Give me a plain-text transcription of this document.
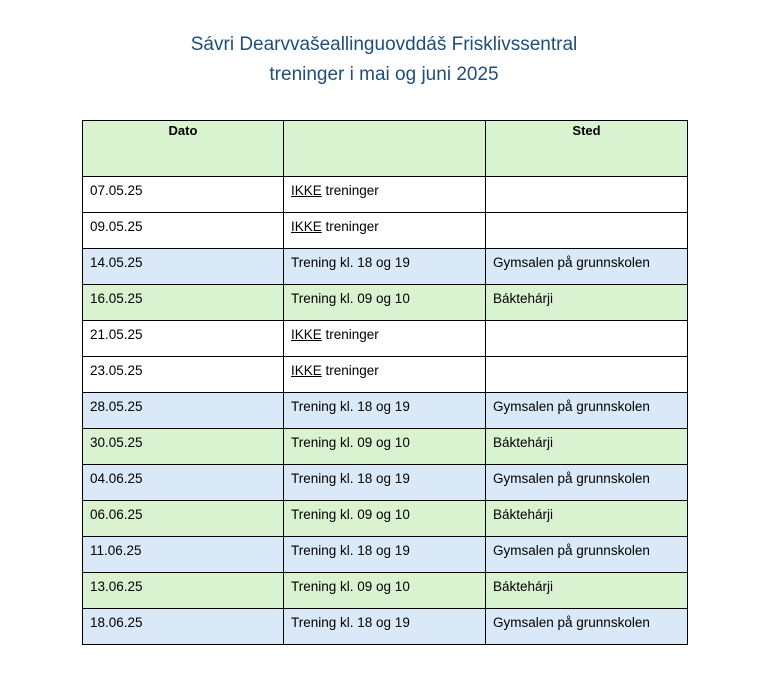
Sávri Dearvvašeallinguovddáš Frisklivssentral
treninger i mai og juni 2025
Dato		Sted
07.05.25	IKKE treninger	
09.05.25	IKKE treninger	
14.05.25	Trening kl. 18 og 19	Gymsalen på grunnskolen
16.05.25	Trening kl. 09 og 10	Báktehárji
21.05.25	IKKE treninger	
23.05.25	IKKE treninger	
28.05.25	Trening kl. 18 og 19	Gymsalen på grunnskolen
30.05.25	Trening kl. 09 og 10	Báktehárji
04.06.25	Trening kl. 18 og 19	Gymsalen på grunnskolen
06.06.25	Trening kl. 09 og 10	Báktehárji
11.06.25	Trening kl. 18 og 19	Gymsalen på grunnskolen
13.06.25	Trening kl. 09 og 10	Báktehárji
18.06.25	Trening kl. 18 og 19	Gymsalen på grunnskolen
